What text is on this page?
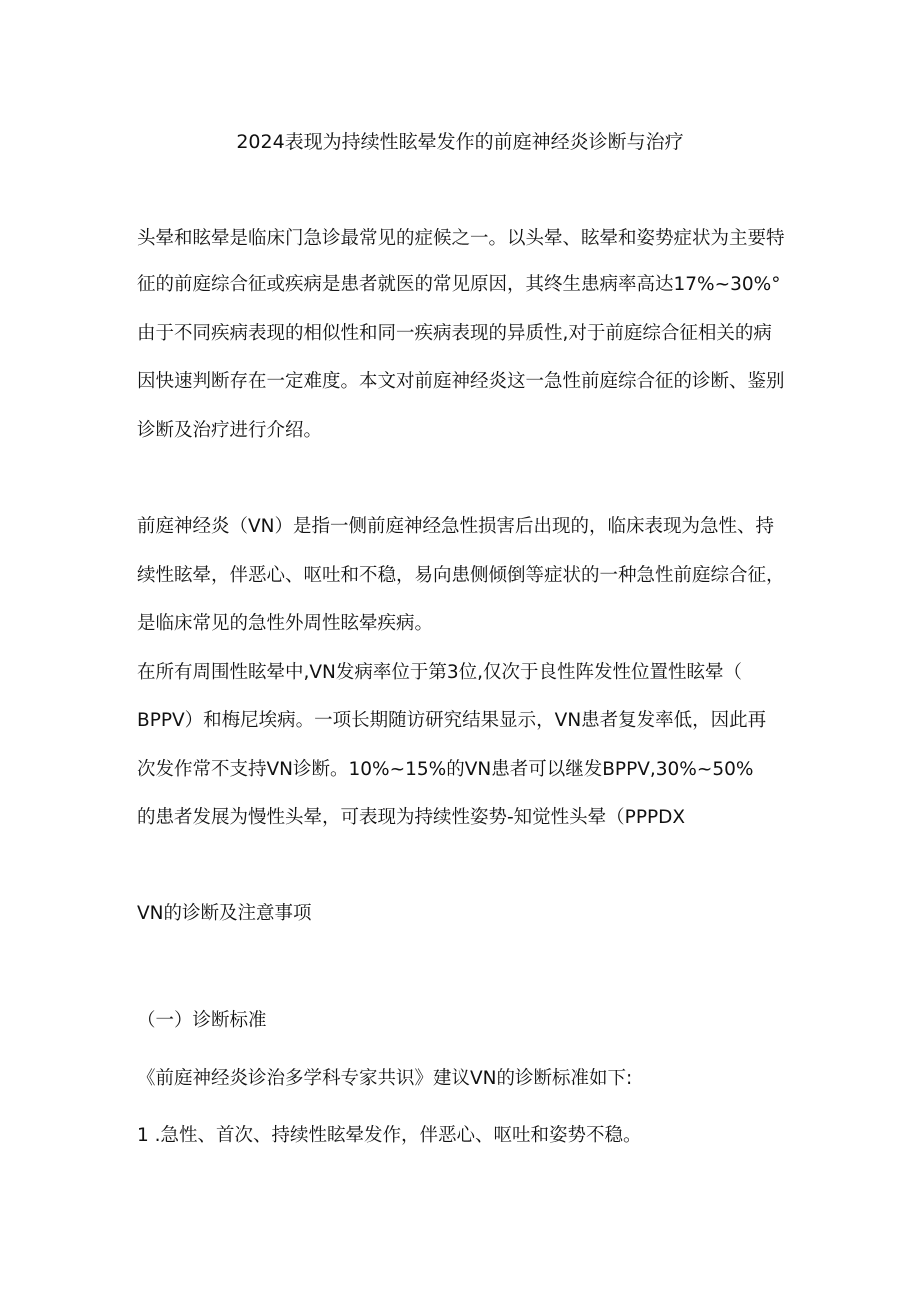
2024表现为持续性眩晕发作的前庭神经炎诊断与治疗
头晕和眩晕是临床门急诊最常见的症候之一。以头晕、眩晕和姿势症状为主要特
征的前庭综合征或疾病是患者就医的常见原因，其终生患病率高达17%~30%°
由于不同疾病表现的相似性和同一疾病表现的异质性,对于前庭综合征相关的病
因快速判断存在一定难度。本文对前庭神经炎这一急性前庭综合征的诊断、鉴别
诊断及治疗进行介绍。
前庭神经炎（VN）是指一侧前庭神经急性损害后出现的，临床表现为急性、持
续性眩晕，伴恶心、呕吐和不稳，易向患侧倾倒等症状的一种急性前庭综合征，
是临床常见的急性外周性眩晕疾病。
在所有周围性眩晕中,VN发病率位于第3位,仅次于良性阵发性位置性眩晕（
BPPV）和梅尼埃病。一项长期随访研究结果显示，VN患者复发率低，因此再
次发作常不支持VN诊断。10%~15%的VN患者可以继发BPPV,30%~50%
的患者发展为慢性头晕，可表现为持续性姿势-知觉性头晕（PPPDX
VN的诊断及注意事项
（一）诊断标准
《前庭神经炎诊治多学科专家共识》建议VN的诊断标准如下:
1 .急性、首次、持续性眩晕发作，伴恶心、呕吐和姿势不稳。
